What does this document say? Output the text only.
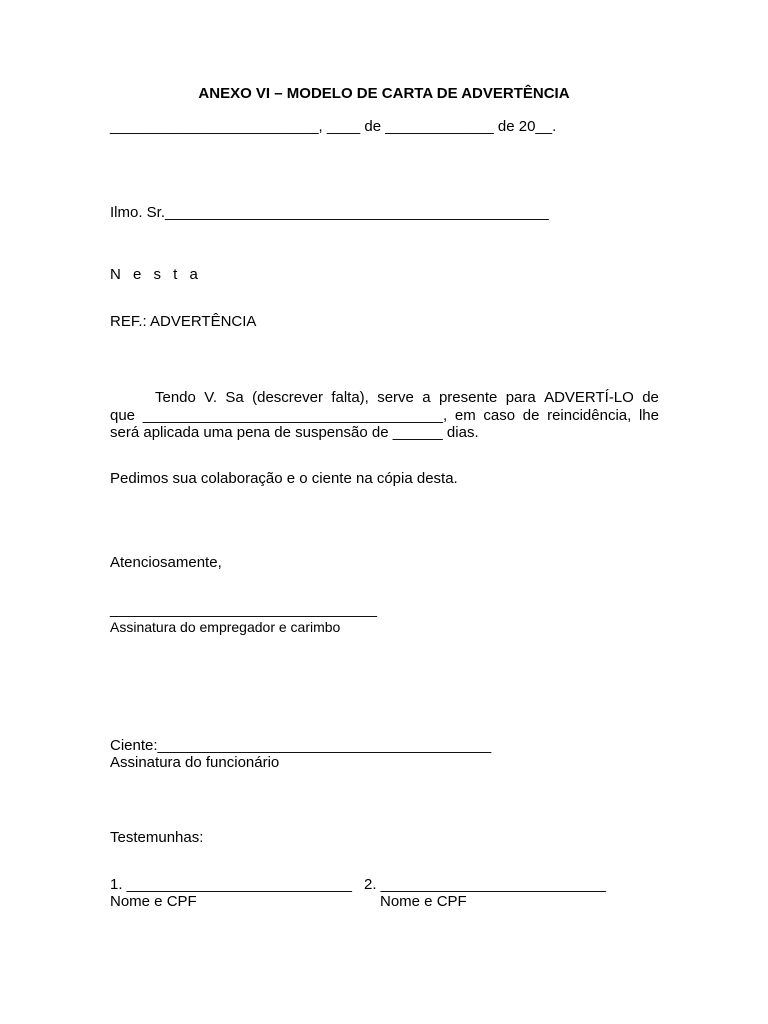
ANEXO VI – MODELO DE CARTA DE ADVERTÊNCIA
_________________________, ____ de _____________ de 20__.
Ilmo. Sr.______________________________________________
N e s t a
REF.: ADVERTÊNCIA
Tendo V. Sa (descrever falta), serve a presente para ADVERTÍ-LO de
que ____________________________________, em caso de reincidência, lhe
será aplicada uma pena de suspensão de ______ dias.
Pedimos sua colaboração e o ciente na cópia desta.
Atenciosamente,
________________________________
Assinatura do empregador e carimbo
Ciente:________________________________________
Assinatura do funcionário
Testemunhas:
1. ___________________________ 2. ___________________________
Nome e CPF	Nome e CPF
